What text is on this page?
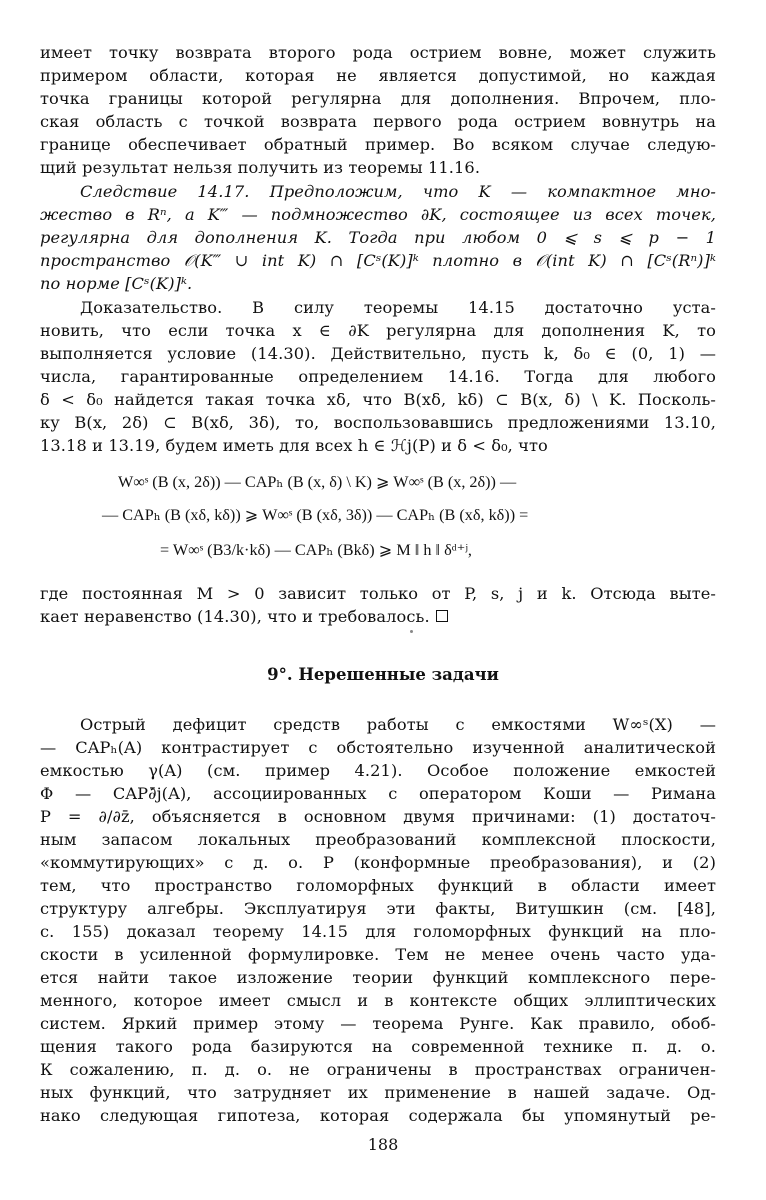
имеет точку возврата второго рода острием вовне, может служить
примером области, которая не является допустимой, но каждая
точка границы которой регулярна для дополнения. Впрочем, пло-
ская область с точкой возврата первого рода острием вовнутрь на
границе обеспечивает обратный пример. Во всяком случае следую-
щий результат нельзя получить из теоремы 11.16.
Следствие 14.17. Предположим, что K — компактное мно-
жество в Rⁿ, а K‴ — подмножество ∂K, состоящее из всех точек,
регулярна для дополнения K. Тогда при любом 0 ⩽ s ⩽ p − 1
пространство 𝒪(K‴ ∪ int K) ∩ [Cˢ(K)]ᵏ плотно в 𝒪(int K) ∩ [Cˢ(Rⁿ)]ᵏ
по норме [Cˢ(K)]ᵏ.
Доказательство. В силу теоремы 14.15 достаточно уста-
новить, что если точка x ∈ ∂K регулярна для дополнения K, то
выполняется условие (14.30). Действительно, пусть k, δ₀ ∈ (0, 1) —
числа, гарантированные определением 14.16. Тогда для любого
δ < δ₀ найдется такая точка xδ, что B(xδ, kδ) ⊂ B(x, δ) \ K. Посколь-
ку B(x, 2δ) ⊂ B(xδ, 3δ), то, воспользовавшись предложениями 13.10,
13.18 и 13.19, будем иметь для всех h ∈ ℋj(P) и δ < δ₀, что
W∞ˢ (B (x, 2δ)) — CAPₕ (B (x, δ) \ K) ⩾ W∞ˢ (B (x, 2δ)) —
— CAPₕ (B (xδ, kδ)) ⩾ W∞ˢ (B (xδ, 3δ)) — CAPₕ (B (xδ, kδ)) =
= W∞ˢ (B3/k·kδ) — CAPₕ (Bkδ) ⩾ M ‖ h ‖ δᵈ⁺ʲ,
где постоянная M > 0 зависит только от P, s, j и k. Отсюда выте-
кает неравенство (14.30), что и требовалось.
9°. Нерешенные задачи
Острый дефицит средств работы с емкостями W∞ˢ(X) —
— CAPₕ(A) контрастирует с обстоятельно изученной аналитической
емкостью γ(A) (см. пример 4.21). Особое положение емкостей
Φ — CAP∂̄j(A), ассоциированных с оператором Коши — Римана
P = ∂/∂z̄, объясняется в основном двумя причинами: (1) достаточ-
ным запасом локальных преобразований комплексной плоскости,
«коммутирующих» с д. о. P (конформные преобразования), и (2)
тем, что пространство голоморфных функций в области имеет
структуру алгебры. Эксплуатируя эти факты, Витушкин (см. [48],
с. 155) доказал теорему 14.15 для голоморфных функций на пло-
скости в усиленной формулировке. Тем не менее очень часто уда-
ется найти такое изложение теории функций комплексного пере-
менного, которое имеет смысл и в контексте общих эллиптических
систем. Яркий пример этому — теорема Рунге. Как правило, обоб-
щения такого рода базируются на современной технике п. д. о.
К сожалению, п. д. о. не ограничены в пространствах ограничен-
ных функций, что затрудняет их применение в нашей задаче. Од-
нако следующая гипотеза, которая содержала бы упомянутый ре-
188
